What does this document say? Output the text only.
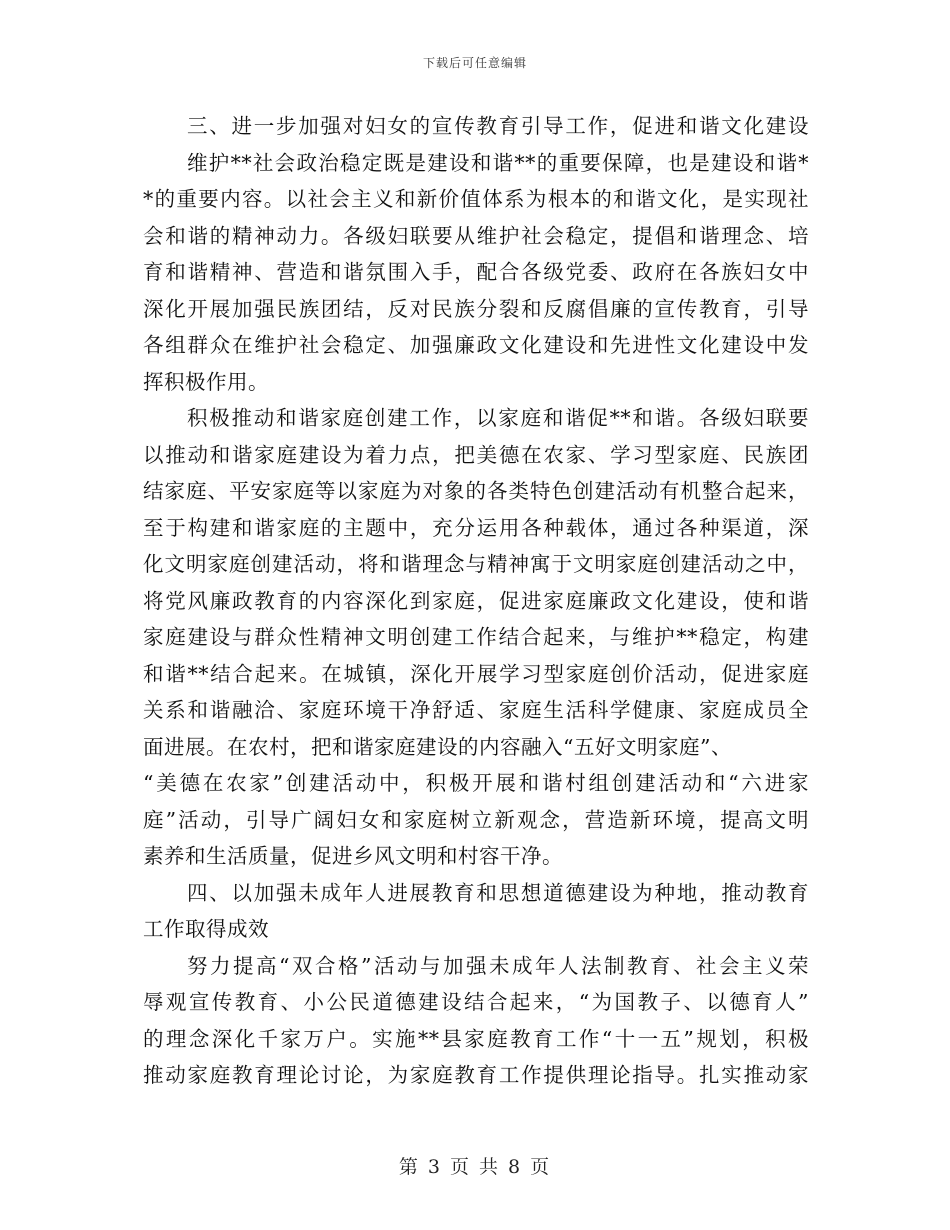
下载后可任意编辑
三、进一步加强对妇女的宣传教育引导工作，促进和谐文化建设
维护**社会政治稳定既是建设和谐**的重要保障，也是建设和谐*
*的重要内容。以社会主义和新价值体系为根本的和谐文化，是实现社
会和谐的精神动力。各级妇联要从维护社会稳定，提倡和谐理念、培
育和谐精神、营造和谐氛围入手，配合各级党委、政府在各族妇女中
深化开展加强民族团结，反对民族分裂和反腐倡廉的宣传教育，引导
各组群众在维护社会稳定、加强廉政文化建设和先进性文化建设中发
挥积极作用。
积极推动和谐家庭创建工作，以家庭和谐促**和谐。各级妇联要
以推动和谐家庭建设为着力点，把美德在农家、学习型家庭、民族团
结家庭、平安家庭等以家庭为对象的各类特色创建活动有机整合起来，
至于构建和谐家庭的主题中，充分运用各种载体，通过各种渠道，深
化文明家庭创建活动，将和谐理念与精神寓于文明家庭创建活动之中，
将党风廉政教育的内容深化到家庭，促进家庭廉政文化建设，使和谐
家庭建设与群众性精神文明创建工作结合起来，与维护**稳定，构建
和谐**结合起来。在城镇，深化开展学习型家庭创价活动，促进家庭
关系和谐融洽、家庭环境干净舒适、家庭生活科学健康、家庭成员全
面进展。在农村，把和谐家庭建设的内容融入“五好文明家庭”、
“美德在农家”创建活动中，积极开展和谐村组创建活动和“六进家
庭”活动，引导广阔妇女和家庭树立新观念，营造新环境，提高文明
素养和生活质量，促进乡风文明和村容干净。
四、以加强未成年人进展教育和思想道德建设为种地，推动教育
工作取得成效
努力提高“双合格”活动与加强未成年人法制教育、社会主义荣
辱观宣传教育、小公民道德建设结合起来，“为国教子、以德育人”
的理念深化千家万户。实施**县家庭教育工作“十一五”规划，积极
推动家庭教育理论讨论，为家庭教育工作提供理论指导。扎实推动家
第 3 页 共 8 页
